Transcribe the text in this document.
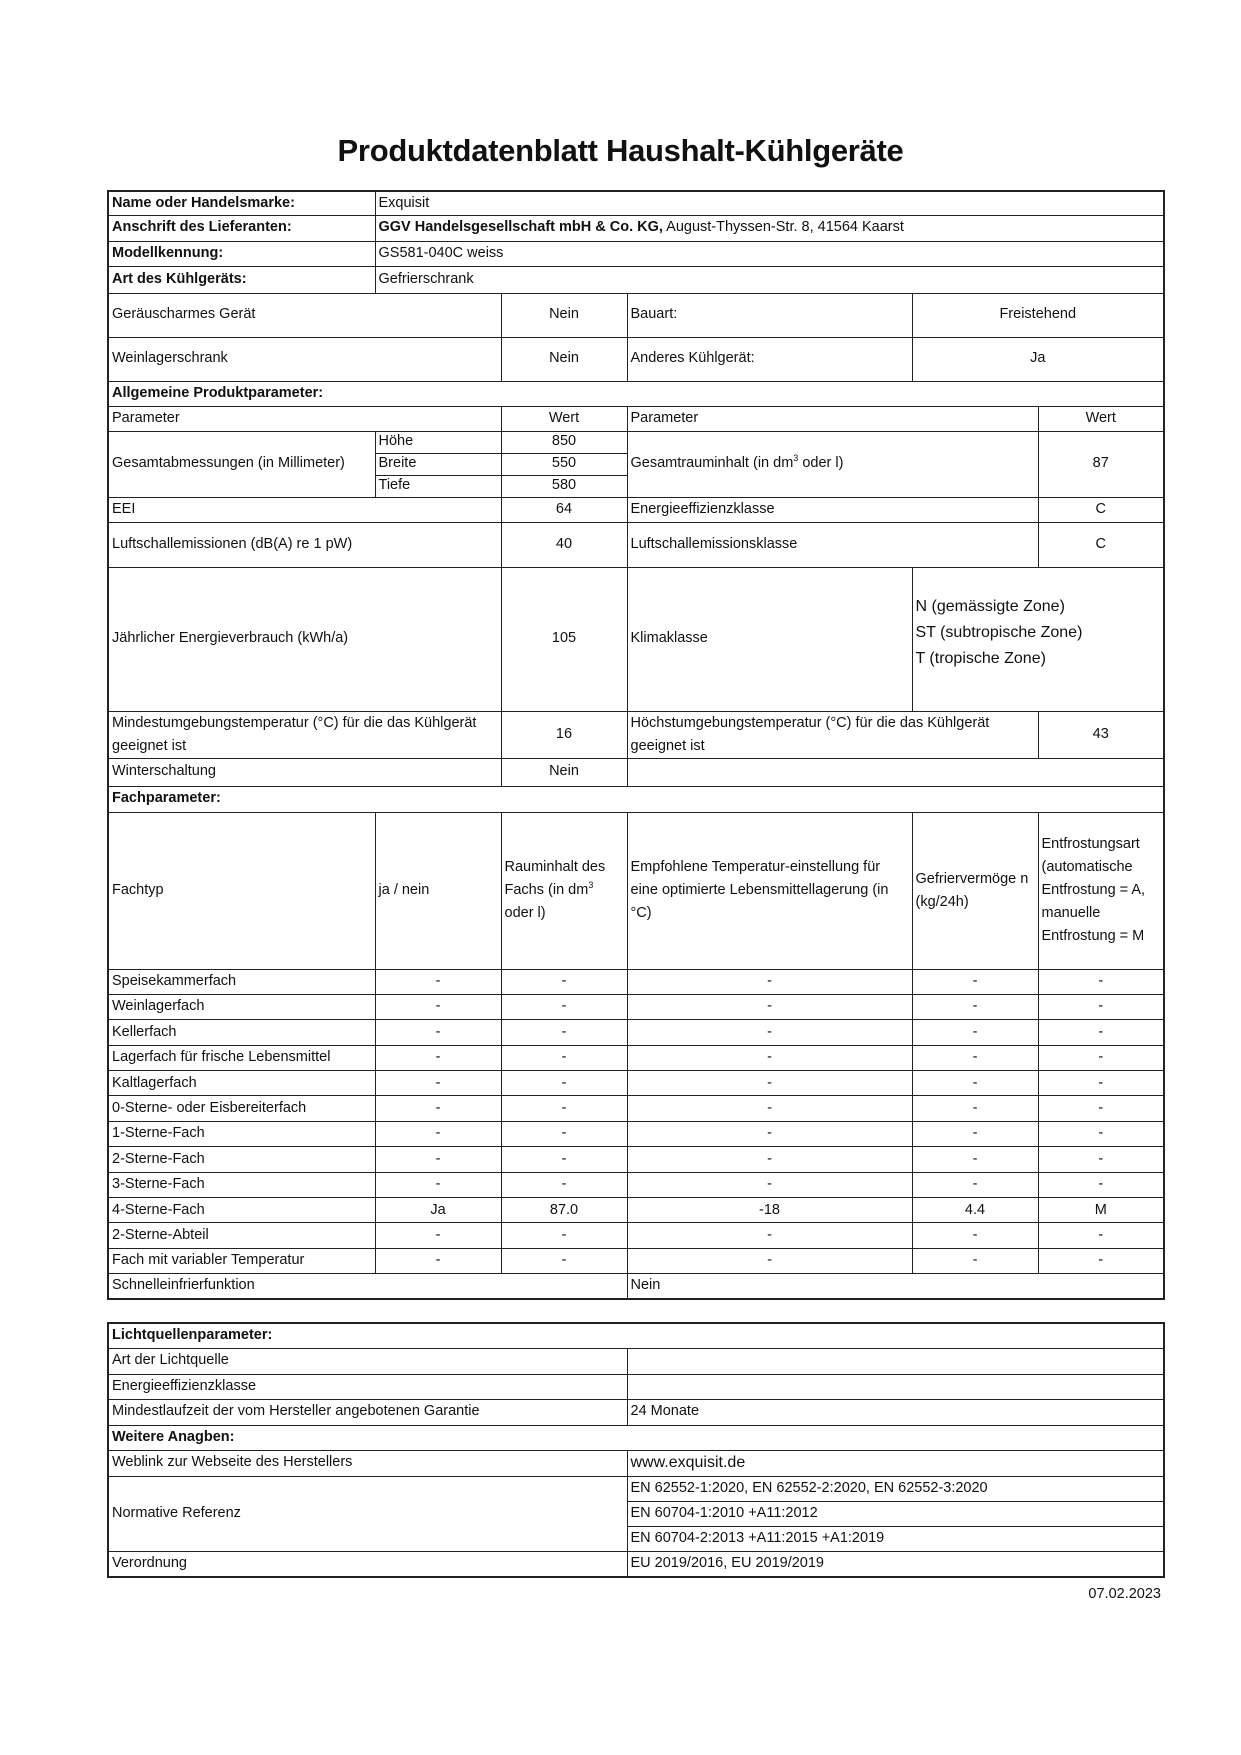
Produktdatenblatt Haushalt-Kühlgeräte
Name oder Handelsmarke:	Exquisit				
Anschrift des Lieferanten:	GGV Handelsgesellschaft mbH & Co. KG, August-Thyssen-Str. 8, 41564 Kaarst				
Modellkennung:	GS581-040C weiss				
Art des Kühlgeräts:	Gefrierschrank				
Geräuscharmes Gerät		Nein	Bauart:	Freistehend	
Weinlagerschrank		Nein	Anderes Kühlgerät:	Ja	
Allgemeine Produktparameter:					
Parameter		Wert	Parameter		Wert
Gesamtabmessungen (in Millimeter)	Höhe	850	Gesamtrauminhalt (in $dm^3$ oder l)		87
	Breite	550			
	Tiefe	580			
EEI		64	Energieeffizienzklasse		C
Luftschallemissionen (dB(A) re 1 pW)		40	Luftschallemissionsklasse		C
Jährlicher Energieverbrauch (kWh/a)		105	Klimaklasse	N (gemässigte Zone)
ST (subtropische Zone)
T (tropische Zone)	

Mindestumgebungstemperatur (°C) für die das Kühlgerät geeignet ist		16	Höchstumgebungstemperatur (°C) für die das Kühlgerät geeignet ist		43
Winterschaltung		Nein			
Fachparameter:					
Fachtyp	ja / nein	Rauminhalt des Fachs (in $dm^3$ oder l)	Empfohlene Temperatur-einstellung für eine optimierte Lebensmittellagerung (in °C)	Gefriervermöge n (kg/24h)	Entfrostungsart (automatische Entfrostung = A, manuelle Entfrostung = M
Speisekammerfach	-	-	-	-	-
Weinlagerfach	-	-	-	-	-
Kellerfach	-	-	-	-	-
Lagerfach für frische Lebensmittel	-	-	-	-	-
Kaltlagerfach	-	-	-	-	-
0-Sterne- oder Eisbereiterfach	-	-	-	-	-
1-Sterne-Fach	-	-	-	-	-
2-Sterne-Fach	-	-	-	-	-
3-Sterne-Fach	-	-	-	-	-
4-Sterne-Fach	Ja	87.0	-18	4.4	M
2-Sterne-Abteil	-	-	-	-	-
Fach mit variabler Temperatur	-	-	-	-	-
Schnelleinfrierfunktion			Nein		
Lichtquellenparameter:	
Art der Lichtquelle	
Energieeffizienzklasse	
Mindestlaufzeit der vom Hersteller angebotenen Garantie	24 Monate
Weitere Anagben:	
Weblink zur Webseite des Herstellers	www.exquisit.de
Normative Referenz	EN 62552-1:2020, EN 62552-2:2020, EN 62552-3:2020
	EN 60704-1:2010 +A11:2012
	EN 60704-2:2013 +A11:2015 +A1:2019
Verordnung	EU 2019/2016, EU 2019/2019
07.02.2023
